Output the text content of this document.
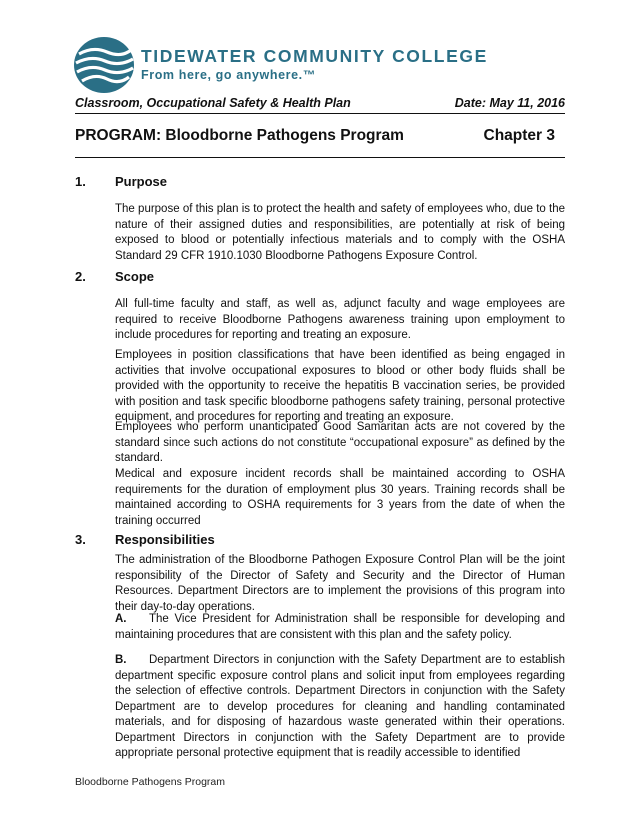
TIDEWATER COMMUNITY COLLEGE
From here, go anywhere.™
Classroom, Occupational Safety & Health Plan	Date: May 11, 2016
PROGRAM: Bloodborne Pathogens Program	Chapter 3
1. Purpose
The purpose of this plan is to protect the health and safety of employees who, due to the nature of their assigned duties and responsibilities, are potentially at risk of being exposed to blood or potentially infectious materials and to comply with the OSHA Standard 29 CFR 1910.1030 Bloodborne Pathogens Exposure Control.
2. Scope
All full-time faculty and staff, as well as, adjunct faculty and wage employees are required to receive Bloodborne Pathogens awareness training upon employment to include procedures for reporting and treating an exposure.
Employees in position classifications that have been identified as being engaged in activities that involve occupational exposures to blood or other body fluids shall be provided with the opportunity to receive the hepatitis B vaccination series, be provided with position and task specific bloodborne pathogens safety training, personal protective equipment, and procedures for reporting and treating an exposure.
Employees who perform unanticipated Good Samaritan acts are not covered by the standard since such actions do not constitute “occupational exposure” as defined by the standard.
Medical and exposure incident records shall be maintained according to OSHA requirements for the duration of employment plus 30 years. Training records shall be maintained according to OSHA requirements for 3 years from the date of when the training occurred
3. Responsibilities
The administration of the Bloodborne Pathogen Exposure Control Plan will be the joint responsibility of the Director of Safety and Security and the Director of Human Resources. Department Directors are to implement the provisions of this program into their day-to-day operations.
A. The Vice President for Administration shall be responsible for developing and maintaining procedures that are consistent with this plan and the safety policy.
B. Department Directors in conjunction with the Safety Department are to establish department specific exposure control plans and solicit input from employees regarding the selection of effective controls. Department Directors in conjunction with the Safety Department are to develop procedures for cleaning and handling contaminated materials, and for disposing of hazardous waste generated within their operations. Department Directors in conjunction with the Safety Department are to provide appropriate personal protective equipment that is readily accessible to identified
Bloodborne Pathogens Program
